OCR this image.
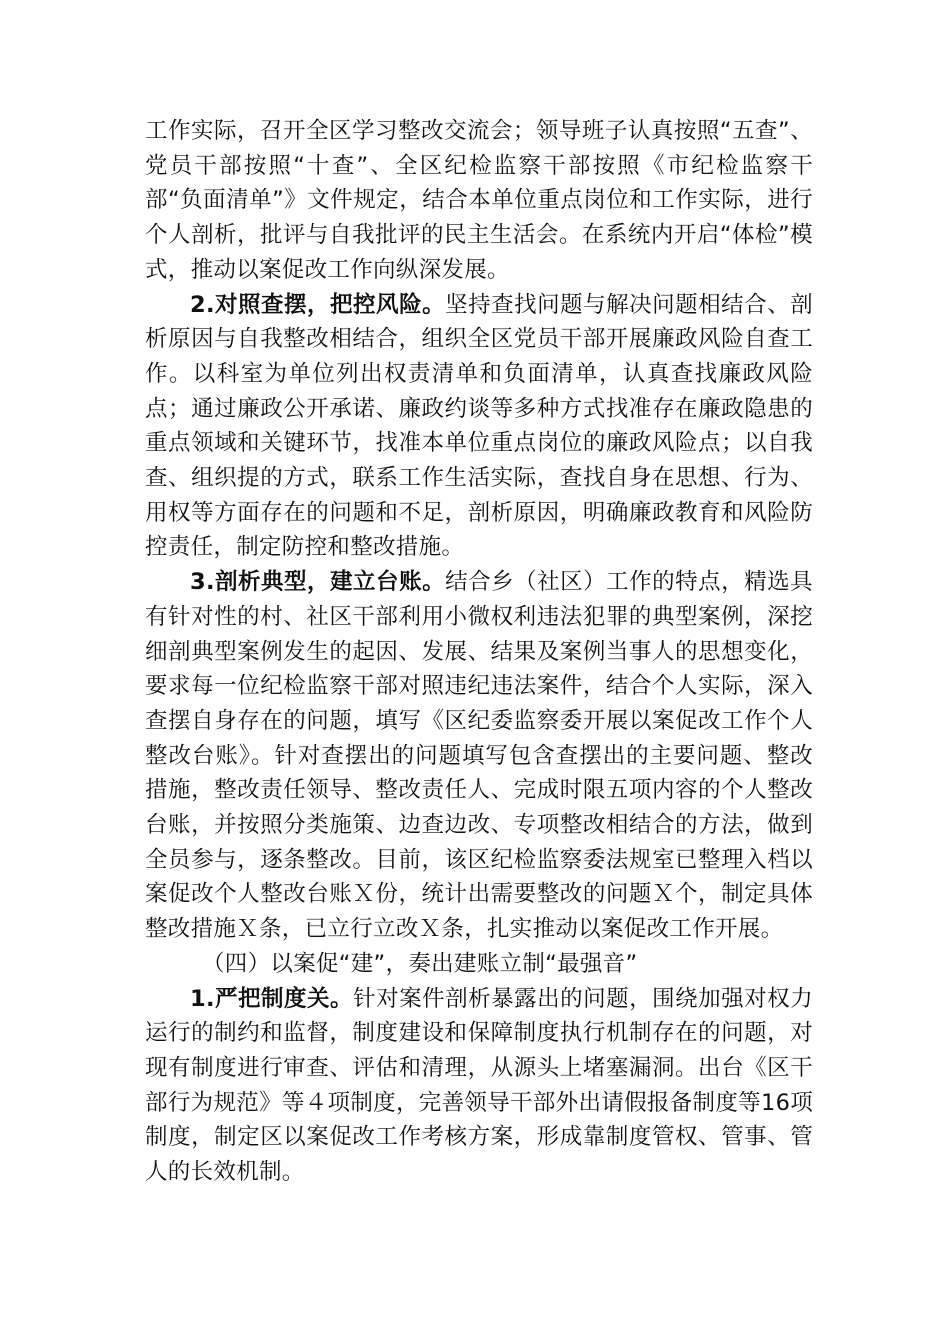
工作实际，召开全区学习整改交流会；领导班子认真按照“五查”、党员干部按照“十查”、全区纪检监察干部按照《市纪检监察干部“负面清单”》文件规定，结合本单位重点岗位和工作实际，进行个人剖析，批评与自我批评的民主生活会。在系统内开启“体检”模式，推动以案促改工作向纵深发展。

2.对照查摆，把控风险。坚持查找问题与解决问题相结合、剖析原因与自我整改相结合，组织全区党员干部开展廉政风险自查工作。以科室为单位列出权责清单和负面清单，认真查找廉政风险点；通过廉政公开承诺、廉政约谈等多种方式找准存在廉政隐患的重点领域和关键环节，找准本单位重点岗位的廉政风险点；以自我查、组织提的方式，联系工作生活实际，查找自身在思想、行为、用权等方面存在的问题和不足，剖析原因，明确廉政教育和风险防控责任，制定防控和整改措施。

3.剖析典型，建立台账。结合乡（社区）工作的特点，精选具有针对性的村、社区干部利用小微权利违法犯罪的典型案例，深挖细剖典型案例发生的起因、发展、结果及案例当事人的思想变化，要求每一位纪检监察干部对照违纪违法案件，结合个人实际，深入查摆自身存在的问题，填写《区纪委监察委开展以案促改工作个人整改台账》。针对查摆出的问题填写包含查摆出的主要问题、整改措施，整改责任领导、整改责任人、完成时限五项内容的个人整改台账，并按照分类施策、边查边改、专项整改相结合的方法，做到全员参与，逐条整改。目前，该区纪检监察委法规室已整理入档以案促改个人整改台账Ｘ份，统计出需要整改的问题Ｘ个，制定具体整改措施Ｘ条，已立行立改Ｘ条，扎实推动以案促改工作开展。

（四）以案促“建”，奏出建账立制“最强音”

1.严把制度关。针对案件剖析暴露出的问题，围绕加强对权力运行的制约和监督，制度建设和保障制度执行机制存在的问题，对现有制度进行审查、评估和清理，从源头上堵塞漏洞。出台《区干部行为规范》等４项制度，完善领导干部外出请假报备制度等16项制度，制定区以案促改工作考核方案，形成靠制度管权、管事、管人的长效机制。
